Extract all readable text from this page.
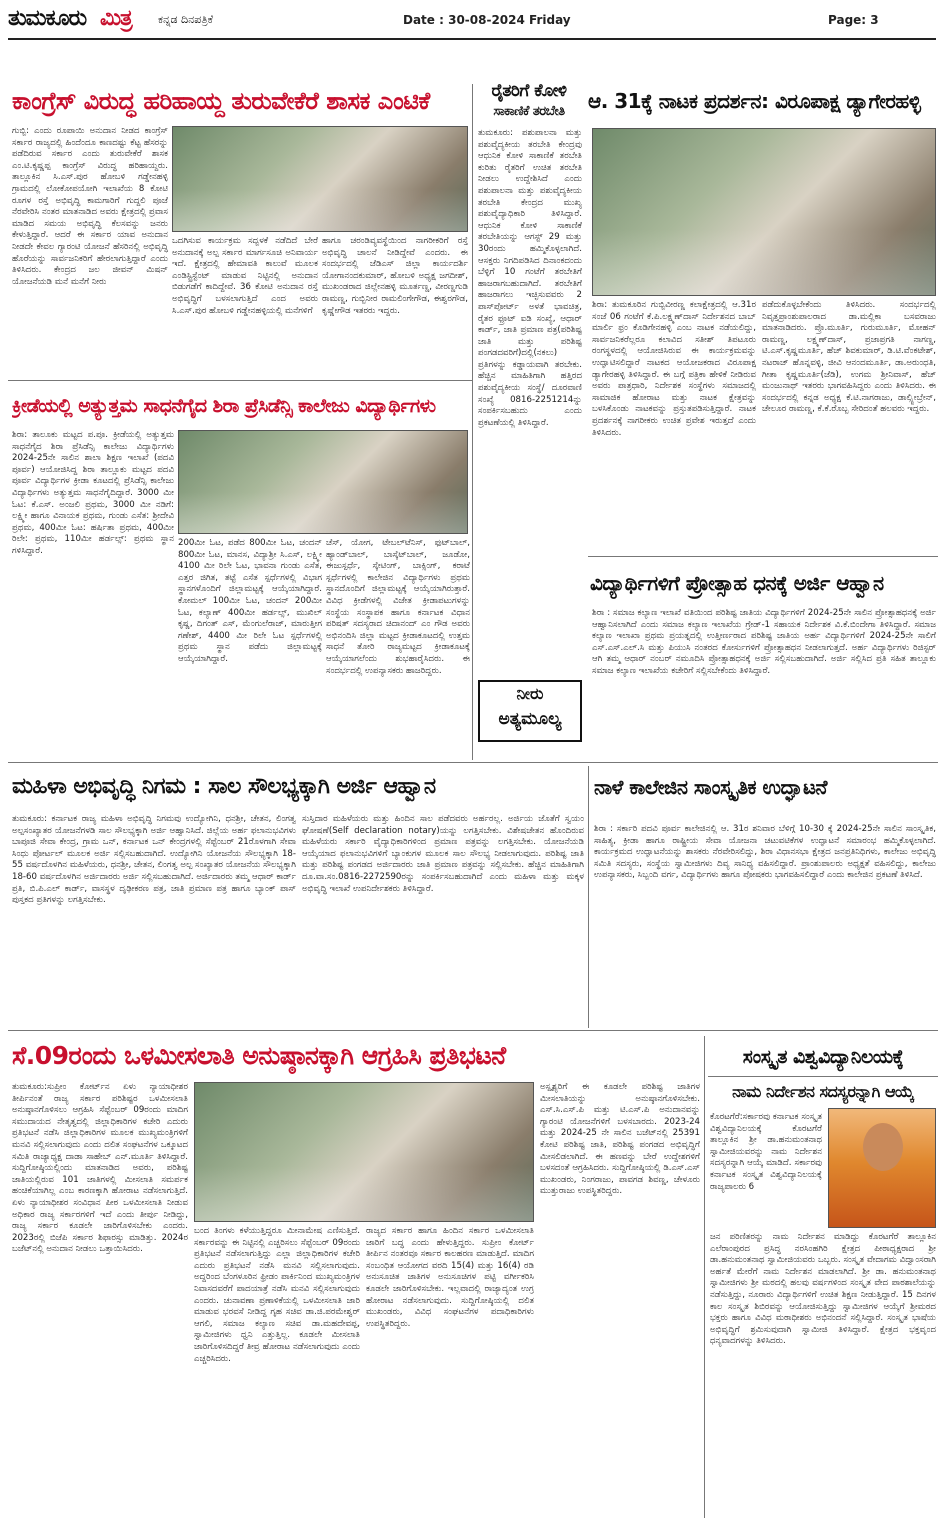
ತುಮಕೂರು ಮಿತ್ರ ಕನ್ನಡ ದಿನಪತ್ರಿಕೆ	Date : 30-08-2024 Friday	Page: 3
ಕಾಂಗ್ರೆಸ್ ವಿರುದ್ಧ ಹರಿಹಾಯ್ದ ತುರುವೇಕೆರೆ ಶಾಸಕ ಎಂಟಿಕೆ
ಗುಬ್ಬಿ: ಎಂದು ರೂಪಾಯಿ ಅನುದಾನ ನೀಡದ ಕಾಂಗ್ರೆಸ್ ಸರ್ಕಾರ ರಾಜ್ಯದಲ್ಲಿ ಹಿಂದೆಂದೂ ಕಾಣದಷ್ಟು ಕೆಟ್ಟ ಹೆಸರನ್ನು ಪಡೆದಿರುವ ಸರ್ಕಾರ ಎಂದು ತುರುವೇಕೆರೆ ಶಾಸಕ ಎಂ.ಟಿ.ಕೃಷ್ಣಪ್ಪ ಕಾಂಗ್ರೆಸ್ ವಿರುದ್ಧ ಹರಿಹಾಯ್ದರು. ತಾಲ್ಲೂಕಿನ ಸಿ.ಎಸ್.ಪುರ ಹೋಬಳಿ ಗಡ್ಡೇನಹಳ್ಳಿ ಗ್ರಾಮದಲ್ಲಿ ಲೋಕೋಪಯೋಗಿ ಇಲಾಖೆಯ 8 ಕೋಟಿ ರೂಗಳ ರಸ್ತೆ ಅಭಿವೃದ್ಧಿ ಕಾಮಗಾರಿಗೆ ಗುದ್ದಲಿ ಪೂಜೆ ನೆರವೇರಿಸಿ ನಂತರ ಮಾತನಾಡಿದ ಅವರು ಕ್ಷೇತ್ರದಲ್ಲಿ ಪ್ರವಾಸ ಮಾಡಿದ ಸಮಯ ಅಭಿವೃದ್ಧಿ ಕೆಲಸವನ್ನು ಜನರು ಕೇಳುತ್ತಿದ್ದಾರೆ. ಆದರೆ ಈ ಸರ್ಕಾರ ಯಾವ ಅನುದಾನ ನೀಡದೇ ಕೇವಲ ಗ್ಯಾರಂಟಿ ಯೋಜನೆ ಹೆಸರಿನಲ್ಲಿ ಅಭಿವೃದ್ಧಿ ಹೊರೆಯನ್ನು ಸಾರ್ವಜನಿಕರಿಗೆ ಹೇರಲಾಗುತ್ತಿದ್ದಾರೆ ಎಂದು ತಿಳಿಸಿದರು. ಕೇಂದ್ರದ ಜಲ ಜೀವನ್ ಮಿಷನ್ ಯೋಜನೆಯಡಿ ಮನೆ ಮನೆಗೆ ನೀರು
ಒದಗಿಸುವ ಕಾರ್ಯಕ್ರಮ ಸದ್ಬಳಕೆ ನಡೆದಿದೆ ಬೇರೆ ಅನುದಾನಕ್ಕೆ ಅಲ್ಪ ಸರ್ಕಾರ ಮಾರ್ಗಸೂಚಿ ಅನಿವಾರ್ಯ ಇದೆ. ಕ್ಷೇತ್ರದಲ್ಲಿ ಹೇಮಾವತಿ ಕಾಲುವೆ ಮೂಲಕ ಎಂಡಿಸ್ಟ್ರಿಸ್ಟೆಂಟ್ ಮಾಡುವ ನಿಟ್ಟಿನಲ್ಲಿ ಅನುದಾನ ಬಿಡುಗಡೆಗೆ ಕಾದಿದ್ದೇವೆ. 36 ಕೋಟಿ ಅನುದಾನ ರಸ್ತೆ ಅಭಿವೃದ್ಧಿಗೆ ಬಳಸಲಾಗುತ್ತಿದೆ ಎಂದ ಅವರು ಸಿ.ಎಸ್.ಪುರ ಹೋಬಳಿ ಗಡ್ಡೇನಹಳ್ಳಿಯಲ್ಲಿ ಮನೆಗಳಿಗೆ
ಹಾಗೂ ಚರಂಡಿವ್ಯವಸ್ಥೆಯಿಂದ ನಾಗರೀಕರಿಗೆ ರಸ್ತೆ ಅಭಿವೃದ್ಧಿ ಚಾಲನೆ ನೀಡಿದ್ದೇವೆ ಎಂದರು. ಈ ಸಂದರ್ಭದಲ್ಲಿ ಜೆಡಿಎಸ್ ಜಿಲ್ಲಾ ಕಾರ್ಯದರ್ಶಿ ಯೋಗಾನಂದಕುಮಾರ್, ಹೋಬಳಿ ಅಧ್ಯಕ್ಷ ಜಗದೀಶ್, ಮುಖಂಡರಾದ ಜಿಲ್ಲೇನಹಳ್ಳಿ ಮೂರ್ತಣ್ಣ, ವೀರಣ್ಣಗುಡಿ ರಾಮಣ್ಣ, ಗುಬ್ಬಿನೀರ ರಾಮಲಿಂಗೇಗೌಡ, ಈಶ್ವರಗೌಡ, ಕೃಷ್ಣೇಗೌಡ ಇತರರು ಇದ್ದರು.
ರೈತರಿಗೆ ಕೋಳಿ
ಸಾಕಾಣಿಕೆ ತರಬೇತಿ
ತುಮಕೂರು: ಪಶುಪಾಲನಾ ಮತ್ತು ಪಶುವೈದ್ಯಕೀಯ ತರಬೇತಿ ಕೇಂದ್ರವು ಆಧುನಿಕ ಕೋಳಿ ಸಾಕಾಣಿಕೆ ತರಬೇತಿ ಕುರಿತು ರೈತರಿಗೆ ಉಚಿತ ತರಬೇತಿ ನೀಡಲು ಉದ್ದೇಶಿಸಿದೆ ಎಂದು ಪಶುಪಾಲನಾ ಮತ್ತು ಪಶುವೈದ್ಯಕೀಯ ತರಬೇತಿ ಕೇಂದ್ರದ ಮುಖ್ಯ ಪಶುವೈದ್ಯಾಧಿಕಾರಿ ತಿಳಿಸಿದ್ದಾರೆ. ಆಧುನಿಕ ಕೋಳಿ ಸಾಕಾಣಿಕೆ ತರಬೇತಿಯನ್ನು ಆಗಸ್ಟ್ 29 ಮತ್ತು 30ರಂದು ಹಮ್ಮಿಕೊಳ್ಳಲಾಗಿದೆ. ಆಸಕ್ತರು ನಿಗದಿಪಡಿಸಿದ ದಿನಾಂಕದಂದು ಬೆಳ್ಳಿಗೆ 10 ಗಂಟೆಗೆ ತರಬೇತಿಗೆ ಹಾಜರಾಗಬಹುದಾಗಿದೆ. ತರಬೇತಿಗೆ ಹಾಜರಾಗಲು ಇಚ್ಛಿಸುವವರು 2 ಪಾಸ್‌ಪೋರ್ಟ್ ಅಳತೆ ಭಾವಚಿತ್ರ, ರೈತರ ಫ್ರೂಟ್ ಐಡಿ ಸಂಖ್ಯೆ, ಆಧಾರ್ ಕಾರ್ಡ್, ಜಾತಿ ಪ್ರಮಾಣ ಪತ್ರ(ಪರಿಶಿಷ್ಟ ಜಾತಿ ಮತ್ತು ಪರಿಶಿಷ್ಟ ಪಂಗಡದವರಿಗೆ)ದಲ್ಲಿ(ನಕಲು) ಪ್ರತಿಗಳನ್ನು ಕಡ್ಡಾಯವಾಗಿ ತರಬೇಕು. ಹೆಚ್ಚಿನ ಮಾಹಿತಿಗಾಗಿ ಹತ್ತಿರದ ಪಶುವೈದ್ಯಕೀಯ ಸಂಸ್ಥೆ/ ದೂರವಾಣಿ ಸಂಖ್ಯೆ 0816-2251214ನ್ನು ಸಂಪರ್ಕಿಸಬಹುದು ಎಂದು ಪ್ರಕಟಣೆಯಲ್ಲಿ ತಿಳಿಸಿದ್ದಾರೆ.
ನೀರು
ಅತ್ಯಮೂಲ್ಯ
ಆ. 31ಕ್ಕೆ ನಾಟಕ ಪ್ರದರ್ಶನ: ವಿರೂಪಾಕ್ಷ ಡ್ಯಾಗೇರಹಳ್ಳಿ
ಶಿರಾ: ತುಮಕೂರಿನ ಗುಬ್ಬಿವೀರಣ್ಣ ಕಲಾಕ್ಷೇತ್ರದಲ್ಲಿ ಆ.31ರ ಸಂಜೆ 06 ಗಂಟೆಗೆ ಕೆ.ಪಿ.ಲಕ್ಷ್ಮಣ್‌ದಾಸ್ ನಿರ್ದೇಶನದ ಬಾಬ್ ಮಾರ್ಲಿ ಫ್ರಂ ಕೊಡಿಗೇನಹಳ್ಳಿ ಎಂಬ ನಾಟಕ ನಡೆಯಲಿದ್ದು, ಸಾರ್ವಜನಿಕರೆಲ್ಲರೂ ಕಲಾವಿದ ಸತೀಶ್ ತಿಪಟೂರು ರಂಗಸ್ಥಳದಲ್ಲಿ ಆಯೋಜಿಸಿರುವ ಈ ಕಾರ್ಯಕ್ರಮವನ್ನು ಉದ್ಘಾಟಿಸಲಿದ್ದಾರೆ ನಾಟಕದ ಆಯೋಜಕರಾದ ವಿರೂಪಾಕ್ಷ ಡ್ಯಾಗೇರಹಳ್ಳಿ ತಿಳಿಸಿದ್ದಾರೆ. ಈ ಬಗ್ಗೆ ಪತ್ರಿಕಾ ಹೇಳಿಕೆ ನೀಡಿರುವ ಅವರು ಪಾತ್ರಧಾರಿ, ನಿರ್ದೇಶಕ ಸಂಸ್ಥೆಗಳು ಸಮಾಜದಲ್ಲಿ ಸಾಮಾಜಿಕ ಹೋರಾಟ ಮತ್ತು ನಾಟಕ ಕ್ಷೇತ್ರವನ್ನು ಬಳಸಿಕೊಂಡು ನಾಟಕವನ್ನು ಪ್ರಸ್ತುತಪಡಿಸುತ್ತಿದ್ದಾರೆ. ನಾಟಕ ಪ್ರದರ್ಶನಕ್ಕೆ ನಾಗರೀಕರು ಉಚಿತ ಪ್ರವೇಶ ಇರುತ್ತದೆ ಎಂದು ತಿಳಿಸಿದರು.
ಪಡೆದುಕೊಳ್ಳಬೇಕೆಂದು ತಿಳಿಸಿದರು. ಸಂದರ್ಭದಲ್ಲಿ ನಿವೃತ್ತಪ್ರಾಂಶುಪಾಲರಾದ ಡಾ.ಮಲ್ಲಿಕಾ ಬಸವರಾಜು ಮಾತನಾಡಿದರು. ಪ್ರೊ.ಮೂರ್ತಿ, ಗುರುಮೂರ್ತಿ, ಮೋಹನ್ ರಾಮಣ್ಣ, ಲಕ್ಷ್ಮಣ್‌ದಾಸ್, ಪ್ರಜಾಪ್ರಗತಿ ನಾಗಣ್ಣ, ಟಿ.ಎಸ್.ಕೃಷ್ಣಮೂರ್ತಿ, ಹೆಚ್ ಶಿವಕುಮಾರ್, ಡಿ.ಟಿ.ವೆಂಕಟೇಶ್, ನಟರಾಜ್ ಹೊನ್ನವಳ್ಳಿ, ಜೀವಿ ಆನಂದಮೂರ್ತಿ, ಡಾ.ಅರುಂಧತಿ, ಗೀತಾ ಕೃಷ್ಣಮೂರ್ತಿ(ಜೆಡಿ), ಉಗಮ ಶ್ರೀನಿವಾಸ್, ಹೆಚ್ ಮಂಜುನಾಥ್ ಇತರರು ಭಾಗವಹಿಸಿದ್ದರು ಎಂದು ತಿಳಿಸಿದರು. ಈ ಸಂದರ್ಭದಲ್ಲಿ ಕನ್ನಡ ಅಧ್ಯಕ್ಷ ಕೆ.ಟಿ.ನಾಗರಾಜು, ಡಾಲ್ಸ್ಟೀಬ್ರೇನ್‌, ಚೇಲೂರ ರಾಮಣ್ಣ, ಕೆ.ಕೆ.ರೊಬ್ಬ ಸೇರಿದಂತೆ ಹಲವರು ಇದ್ದರು.
ಕ್ರೀಡೆಯಲ್ಲಿ ಅತ್ಯುತ್ತಮ ಸಾಧನೆಗೈದ ಶಿರಾ ಪ್ರೆಸಿಡೆನ್ಸಿ ಕಾಲೇಜು ವಿದ್ಯಾರ್ಥಿಗಳು
ಶಿರಾ: ತಾಲೂಕು ಮಟ್ಟದ ಪ.ಪೂ. ಕ್ರೀಡೆಯಲ್ಲಿ ಅತ್ಯುತ್ತಮ ಸಾಧನೆಗೈದ ಶಿರಾ ಪ್ರೆಸಿಡೆನ್ಸಿ ಕಾಲೇಜು ವಿದ್ಯಾರ್ಥಿಗಳು 2024-25ನೇ ಸಾಲಿನ ಶಾಲಾ ಶಿಕ್ಷಣ ಇಲಾಖೆ (ಪದವಿ ಪೂರ್ವ) ಆಯೋಜಿಸಿದ್ದ ಶಿರಾ ತಾಲ್ಲೂಕು ಮಟ್ಟದ ಪದವಿ ಪೂರ್ವ ವಿದ್ಯಾರ್ಥಿಗಳ ಕ್ರೀಡಾ ಕೂಟದಲ್ಲಿ ಪ್ರೆಸಿಡೆನ್ಸಿ ಕಾಲೇಜು ವಿದ್ಯಾರ್ಥಿಗಳು ಅತ್ಯುತ್ತಮ ಸಾಧನೆಗೈದಿದ್ದಾರೆ. 3000 ಮೀ ಓಟ: ಕೆ.ಎಸ್. ಅಂಜಲಿ ಪ್ರಥಮ, 3000 ಮೀ ನಡಿಗೆ: ಲಕ್ಷ್ಮೀ ಹಾಗೂ ವಿನಾಯಕ ಪ್ರಥಮ, ಗುಂಡು ಎಸೆತ: ಶ್ರೀದೇವಿ ಪ್ರಥಮ, 400ಮೀ ಓಟ: ಹರ್ಷಿತಾ ಪ್ರಥಮ, 400ಮೀ ರಿಲೇ: ಪ್ರಥಮ, 110ಮೀ ಹರ್ಡಲ್ಸ್: ಪ್ರಥಮ ಸ್ಥಾನ ಗಳಿಸಿದ್ದಾರೆ.
200ಮೀ ಓಟ, ಪಡೆದ 800ಮೀ ಓಟ, ಚಂದನ್ 800ಮೀ ಓಟ, ಮಾನಸ, ವಿದ್ಯಾಶ್ರೀ ಸಿ.ಎಸ್, ಲಕ್ಷ್ಮೀ 4100 ಮೀ ರಿಲೇ ಓಟ, ಭಾವನಾ ಗುಂಡು ಎಸೆತ, ಎತ್ತರ ಜಿಗಿತ, ತಟ್ಟೆ ಎಸೆತ ಸ್ಪರ್ಧೆಗಳಲ್ಲಿ ವಿಭಾಗ ಸ್ಥಾನಗಳೊಂದಿಗೆ ಜಿಲ್ಲಾಮಟ್ಟಕ್ಕೆ ಆಯ್ಕೆಯಾಗಿದ್ದಾರೆ. ಕೋಮಲ್ 100ಮೀ ಓಟ, ಚಂದನ್ 200ಮೀ ಓಟ, ಕಲ್ಯಾಣ್ 400ಮೀ ಹರ್ಡಲ್ಸ್, ಮುಖಿಲ್ ಕೃಷ್ಣ, ದಿಗಂತ್ ಎಸ್, ಮೆಂಗುಲೆರಾಜ್, ಮಾರುತ್ತೀಗ ಗಣೇಶ್, 4400 ಮೀ ರಿಲೇ ಓಟ ಸ್ಪರ್ಧೆಗಳಲ್ಲಿ ಪ್ರಥಮ ಸ್ಥಾನ ಪಡೆದು ಜಿಲ್ಲಾಮಟ್ಟಕ್ಕೆ ಆಯ್ಕೆಯಾಗಿದ್ದಾರೆ.
ಚೆಸ್, ಯೋಗ, ಟೇಬಲ್‌ಟೆನಿಸ್, ಫುಟ್‌ಬಾಲ್, ಹ್ಯಾಂಡ್‌ಬಾಲ್, ಬಾಸ್ಕೆಟ್‌ಬಾಲ್, ಜೂಡೋ, ಈಜುಸ್ಪರ್ಧೆ, ಸ್ಕೇಟಿಂಗ್, ಬಾಕ್ಸಿಂಗ್, ಕರಾಟೆ ಸ್ಪರ್ಧೆಗಳಲ್ಲಿ ಕಾಲೇಜಿನ ವಿದ್ಯಾರ್ಥಿಗಳು ಪ್ರಥಮ ಸ್ಥಾನದೊಂದಿಗೆ ಜಿಲ್ಲಾಮಟ್ಟಕ್ಕೆ ಆಯ್ಕೆಯಾಗಿರುತ್ತಾರೆ. ವಿವಿಧ ಕ್ರೀಡೆಗಳಲ್ಲಿ ವಿಜೇತ ಕ್ರೀಡಾಪಟುಗಳನ್ನು ಸಂಸ್ಥೆಯ ಸಂಸ್ಥಾಪಕ ಹಾಗೂ ಕರ್ನಾಟಕ ವಿಧಾನ ಪರಿಷತ್ ಸದಸ್ಯರಾದ ಚಿದಾನಂದ್ ಎಂ ಗೌಡ ಅವರು ಅಭಿನಂದಿಸಿ ಜಿಲ್ಲಾ ಮಟ್ಟದ ಕ್ರೀಡಾಕೂಟದಲ್ಲಿ ಉತ್ತಮ ಸಾಧನೆ ತೋರಿ ರಾಜ್ಯಮಟ್ಟದ ಕ್ರೀಡಾಕೂಟಕ್ಕೆ ಆಯ್ಕೆಯಾಗಲೆಂದು ಶುಭಹಾರೈಸಿದರು. ಈ ಸಂದರ್ಭದಲ್ಲಿ ಉಪನ್ಯಾಸಕರು ಹಾಜರಿದ್ದರು.
ವಿದ್ಯಾರ್ಥಿಗಳಿಗೆ ಪ್ರೋತ್ಸಾಹ ಧನಕ್ಕೆ ಅರ್ಜಿ ಆಹ್ವಾನ
ಶಿರಾ : ಸಮಾಜ ಕಲ್ಯಾಣ ಇಲಾಖೆ ವತಿಯಿಂದ ಪರಿಶಿಷ್ಟ ಜಾತಿಯ ವಿದ್ಯಾರ್ಥಿಗಳಿಗೆ 2024-25ನೇ ಸಾಲಿನ ಪ್ರೋತ್ಸಾಹಧನಕ್ಕೆ ಅರ್ಜಿ ಆಹ್ವಾನಿಸಲಾಗಿದೆ ಎಂದು ಸಮಾಜ ಕಲ್ಯಾಣ ಇಲಾಖೆಯ ಗ್ರೇಡ್-1 ಸಹಾಯಕ ನಿರ್ದೇಶಕ ವಿ.ಕೆ.ಬಿಂದೇಗಾ ತಿಳಿಸಿದ್ದಾರೆ. ಸಮಾಜ ಕಲ್ಯಾಣ ಇಲಾಖಾ ಪ್ರಥಮ ಪ್ರಯತ್ನದಲ್ಲಿ ಉತ್ತೀರ್ಣರಾದ ಪರಿಶಿಷ್ಟ ಜಾತಿಯ ಅರ್ಹ ವಿದ್ಯಾರ್ಥಿಗಳಿಗೆ 2024-25ನೇ ಸಾಲಿಗೆ ಎಸ್.ಎಸ್.ಎಲ್.ಸಿ ಮತ್ತು ಪಿಯುಸಿ ನಂತರದ ಕೋರ್ಸುಗಳಿಗೆ ಪ್ರೋತ್ಸಾಹಧನ ನೀಡಲಾಗುತ್ತದೆ. ಅರ್ಹ ವಿದ್ಯಾರ್ಥಿಗಳು ರಿಜಿಸ್ಟರ್ ಆಗಿ ತಮ್ಮ ಆಧಾರ್ ನಂಬರ್ ನಮೂದಿಸಿ ಪ್ರೋತ್ಸಾಹಧನಕ್ಕೆ ಅರ್ಜಿ ಸಲ್ಲಿಸಬಹುದಾಗಿದೆ. ಅರ್ಜಿ ಸಲ್ಲಿಸಿದ ಪ್ರತಿ ಸಹಿತ ತಾಲ್ಲೂಕು ಸಮಾಜ ಕಲ್ಯಾಣ ಇಲಾಖೆಯ ಕಚೇರಿಗೆ ಸಲ್ಲಿಸಬೇಕೆಂದು ತಿಳಿಸಿದ್ದಾರೆ.
ಮಹಿಳಾ ಅಭಿವೃದ್ಧಿ ನಿಗಮ : ಸಾಲ ಸೌಲಭ್ಯಕ್ಕಾಗಿ ಅರ್ಜಿ ಆಹ್ವಾನ
ತುಮಕೂರು: ಕರ್ನಾಟಕ ರಾಜ್ಯ ಮಹಿಳಾ ಅಭಿವೃದ್ಧಿ ನಿಗಮವು ಉದ್ಯೋಗಿನಿ, ಧನಶ್ರೀ, ಚೇತನ, ಲಿಂಗತ್ವ ಅಲ್ಪಸಂಖ್ಯಾತರ ಯೋಜನೆಗಳಡಿ ಸಾಲ ಸೌಲಭ್ಯಕ್ಕಾಗಿ ಅರ್ಜಿ ಆಹ್ವಾನಿಸಿದೆ. ಜಿಲ್ಲೆಯ ಅರ್ಹ ಫಲಾನುಭವಿಗಳು ಬಾಪೂಜಿ ಸೇವಾ ಕೇಂದ್ರ, ಗ್ರಾಮ ಒನ್, ಕರ್ನಾಟಕ ಒನ್ ಕೇಂದ್ರಗಳಲ್ಲಿ ಸೆಪ್ಟೆಂಬರ್ 21ರೊಳಗಾಗಿ ಸೇವಾ ಸಿಂಧು ಪೋರ್ಟಲ್ ಮೂಲಕ ಅರ್ಜಿ ಸಲ್ಲಿಸಬಹುದಾಗಿದೆ. ಉದ್ಯೋಗಿನಿ ಯೋಜನೆಯ ಸೌಲಭ್ಯಕ್ಕಾಗಿ 18-55 ವರ್ಷದೊಳಗಿನ ಮಹಿಳೆಯರು, ಧನಶ್ರೀ, ಚೇತನ, ಲಿಂಗತ್ವ ಅಲ್ಪ ಸಂಖ್ಯಾತರ ಯೋಜನೆಯ ಸೌಲಭ್ಯಕ್ಕಾಗಿ 18-60 ವರ್ಷದೊಳಗಿನ ಅರ್ಜಿದಾರರು ಅರ್ಜಿ ಸಲ್ಲಿಸಬಹುದಾಗಿದೆ. ಅರ್ಜಿದಾರರು ತಮ್ಮ ಆಧಾರ್ ಕಾರ್ಡ್ ಪ್ರತಿ, ಬಿ.ಪಿ.ಎಲ್ ಕಾರ್ಡ್, ವಾಸಸ್ಥಳ ದೃಢೀಕರಣ ಪತ್ರ, ಜಾತಿ ಪ್ರಮಾಣ ಪತ್ರ ಹಾಗೂ ಬ್ಯಾಂಕ್ ಪಾಸ್ ಪುಸ್ತಕದ ಪ್ರತಿಗಳನ್ನು ಲಗತ್ತಿಸಬೇಕು.
ಸುಸ್ತಿದಾರ ಮಹಿಳೆಯರು ಮತ್ತು ಹಿಂದಿನ ಸಾಲ ಪಡೆದವರು ಅರ್ಹರಲ್ಲ. ಅರ್ಜಿಯ ಜೊತೆಗೆ ಸ್ವಯಂ ಘೋಷಣೆ(Self declaration notary)ಯನ್ನು ಲಗತ್ತಿಸಬೇಕು. ವಿಶೇಷಚೇತನ ಹೊಂದಿರುವ ಮಹಿಳೆಯರು ಸರ್ಕಾರಿ ವೈದ್ಯಾಧಿಕಾರಿಗಳಿಂದ ಪ್ರಮಾಣ ಪತ್ರವನ್ನು ಲಗತ್ತಿಸಬೇಕು. ಯೋಜನೆಯಡಿ ಆಯ್ಕೆಯಾದ ಫಲಾನುಭವಿಗಳಿಗೆ ಬ್ಯಾಂಕುಗಳ ಮೂಲಕ ಸಾಲ ಸೌಲಭ್ಯ ನೀಡಲಾಗುವುದು. ಪರಿಶಿಷ್ಟ ಜಾತಿ ಮತ್ತು ಪರಿಶಿಷ್ಟ ಪಂಗಡದ ಅರ್ಜಿದಾರರು ಜಾತಿ ಪ್ರಮಾಣ ಪತ್ರವನ್ನು ಸಲ್ಲಿಸಬೇಕು. ಹೆಚ್ಚಿನ ಮಾಹಿತಿಗಾಗಿ ದೂ.ವಾ.ಸಂ.0816-2272590ರನ್ನು ಸಂಪರ್ಕಿಸಬಹುದಾಗಿದೆ ಎಂದು ಮಹಿಳಾ ಮತ್ತು ಮಕ್ಕಳ ಅಭಿವೃದ್ಧಿ ಇಲಾಖೆ ಉಪನಿರ್ದೇಶಕರು ತಿಳಿಸಿದ್ದಾರೆ.
ನಾಳೆ ಕಾಲೇಜಿನ ಸಾಂಸ್ಕೃತಿಕ ಉದ್ಘಾಟನೆ
ಶಿರಾ : ಸರ್ಕಾರಿ ಪದವಿ ಪೂರ್ವ ಕಾಲೇಜಿನಲ್ಲಿ ಆ. 31ರ ಶನಿವಾರ ಬೆಳಿಗ್ಗೆ 10-30 ಕ್ಕೆ 2024-25ನೇ ಸಾಲಿನ ಸಾಂಸ್ಕೃತಿಕ, ಸಾಹಿತ್ಯ, ಕ್ರೀಡಾ ಹಾಗೂ ರಾಷ್ಟ್ರೀಯ ಸೇವಾ ಯೋಜನಾ ಚಟುವಟಿಕೆಗಳ ಉದ್ಘಾಟನೆ ಸಮಾರಂಭ ಹಮ್ಮಿಕೊಳ್ಳಲಾಗಿದೆ. ಕಾರ್ಯಕ್ರಮದ ಉದ್ಘಾಟನೆಯನ್ನು ಶಾಸಕರು ನೆರವೇರಿಸಲಿದ್ದು, ಶಿರಾ ವಿಧಾನಸಭಾ ಕ್ಷೇತ್ರದ ಜನಪ್ರತಿನಿಧಿಗಳು, ಕಾಲೇಜು ಅಭಿವೃದ್ಧಿ ಸಮಿತಿ ಸದಸ್ಯರು, ಸಂಸ್ಥೆಯ ಸ್ವಾಮೀಜಿಗಳು ದಿವ್ಯ ಸಾನಿಧ್ಯ ವಹಿಸಲಿದ್ದಾರೆ. ಪ್ರಾಂಶುಪಾಲರು ಅಧ್ಯಕ್ಷತೆ ವಹಿಸಲಿದ್ದು, ಕಾಲೇಜು ಉಪನ್ಯಾಸಕರು, ಸಿಬ್ಬಂದಿ ವರ್ಗ, ವಿದ್ಯಾರ್ಥಿಗಳು ಹಾಗೂ ಪೋಷಕರು ಭಾಗವಹಿಸಲಿದ್ದಾರೆ ಎಂದು ಕಾಲೇಜಿನ ಪ್ರಕಟಣೆ ತಿಳಿಸಿದೆ.
ಸೆ.09ರಂದು ಒಳಮೀಸಲಾತಿ ಅನುಷ್ಠಾನಕ್ಕಾಗಿ ಆಗ್ರಹಿಸಿ ಪ್ರತಿಭಟನೆ
ತುಮಕೂರು:ಸುಪ್ರೀಂ ಕೋರ್ಟ್‌ನ ಏಳು ನ್ಯಾಯಾಧೀಶರ ತೀರ್ಪಿನಂತೆ ರಾಜ್ಯ ಸರ್ಕಾರ ಪರಿಶಿಷ್ಟರ ಒಳಮೀಸಲಾತಿ ಅನುಷ್ಠಾನಗೊಳಿಸಲು ಆಗ್ರಹಿಸಿ ಸೆಪ್ಟೆಂಬರ್ 09ರಂದು ಮಾದಿಗ ಸಮುದಾಯದ ನೇತೃತ್ವದಲ್ಲಿ ಜಿಲ್ಲಾಧಿಕಾರಿಗಳ ಕಚೇರಿ ಎದುರು ಪ್ರತಿಭಟನೆ ನಡೆಸಿ ಜಿಲ್ಲಾಧಿಕಾರಿಗಳ ಮೂಲಕ ಮುಖ್ಯಮಂತ್ರಿಗಳಿಗೆ ಮನವಿ ಸಲ್ಲಿಸಲಾಗುವುದು ಎಂದು ದಲಿತ ಸಂಘಟನೆಗಳ ಒಕ್ಕೂಟದ ಸಮಿತಿ ರಾಜ್ಯಾಧ್ಯಕ್ಷ ದಾಡಾ ಸಾಹೇಬ್ ಎನ್.ಮೂರ್ತಿ ತಿಳಿಸಿದ್ದಾರೆ. ಸುದ್ದಿಗೋಷ್ಠಿಯಲ್ಲಿಂದು ಮಾತನಾಡಿದ ಅವರು, ಪರಿಶಿಷ್ಟ ಜಾತಿಯಲ್ಲಿರುವ 101 ಜಾತಿಗಳಲ್ಲಿ ಮೀಸಲಾತಿ ಸಮರ್ಪಕ ಹಂಚಿಕೆಯಾಗಿಲ್ಲ ಎಂಬ ಕಾರಣಕ್ಕಾಗಿ ಹೋರಾಟ ನಡೆಸಲಾಗುತ್ತಿದೆ. ಏಳು ನ್ಯಾಯಾಧೀಶರ ಸಂವಿಧಾನ ಪೀಠ ಒಳಮೀಸಲಾತಿ ನೀಡುವ ಅಧಿಕಾರ ರಾಜ್ಯ ಸರ್ಕಾರಗಳಿಗೆ ಇದೆ ಎಂದು ತೀರ್ಪು ನೀಡಿದ್ದು, ರಾಜ್ಯ ಸರ್ಕಾರ ಕೂಡಲೇ ಜಾರಿಗೊಳಿಸಬೇಕು ಎಂದರು. 2023ರಲ್ಲಿ ಬಿಜೆಪಿ ಸರ್ಕಾರ ಶಿಫಾರಸ್ಸು ಮಾಡಿತ್ತು. 2024ರ ಬಜೆಟ್‌ನಲ್ಲಿ ಅನುದಾನ ನೀಡಲು ಒತ್ತಾಯಿಸಿದರು.
ಬಂದ ತಿಂಗಳು ಕಳೆಯುತ್ತಿದ್ದರೂ ಮೀನಾಮೇಷ ಎಣಿಸುತ್ತಿದೆ. ಸರ್ಕಾರವನ್ನು ಈ ನಿಟ್ಟಿನಲ್ಲಿ ಎಚ್ಚರಿಸಲು ಸೆಪ್ಟೆಂಬರ್ 09ರಂದು ಪ್ರತಿಭಟನೆ ನಡೆಸಲಾಗುತ್ತಿದ್ದು ಎಲ್ಲಾ ಜಿಲ್ಲಾಧಿಕಾರಿಗಳ ಕಚೇರಿ ಎದುರು ಪ್ರತಿಭಟನೆ ನಡೆಸಿ ಮನವಿ ಸಲ್ಲಿಸಲಾಗುವುದು. ಅದ್ದರಿಂದ ಬೆಂಗಳೂರಿನ ಫ್ರೀಡಂ ಪಾರ್ಕಿನಿಂದ ಮುಖ್ಯಮಂತ್ರಿಗಳ ನಿವಾಸದವರೆಗೆ ಪಾದಯಾತ್ರೆ ನಡೆಸಿ ಮನವಿ ಸಲ್ಲಿಸಲಾಗುವುದು ಎಂದರು. ಚುನಾವಣಾ ಪ್ರಣಾಳಿಕೆಯಲ್ಲಿ ಒಳಮೀಸಲಾತಿ ಜಾರಿ ಮಾಡುವ ಭರವಸೆ ನೀಡಿದ್ದ ಗೃಹ ಸಚಿವ ಡಾ.ಜಿ.ಪರಮೇಶ್ವರ್ ಆಗಲಿ, ಸಮಾಜ ಕಲ್ಯಾಣ ಸಚಿವ ಡಾ.ಮಹದೇವಪ್ಪ, ಸ್ವಾಮೀಜಿಗಳು ಧ್ವನಿ ಎತ್ತುತ್ತಿಲ್ಲ. ಕೂಡಲೇ ಮೀಸಲಾತಿ ಜಾರಿಗೊಳಿಸದಿದ್ದರೆ ತೀವ್ರ ಹೋರಾಟ ನಡೆಸಲಾಗುವುದು ಎಂದು ಎಚ್ಚರಿಸಿದರು.
ರಾಜ್ಯದ ಸರ್ಕಾರ ಹಾಗೂ ಹಿಂದಿನ ಸರ್ಕಾರ ಒಳಮೀಸಲಾತಿ ಜಾರಿಗೆ ಬದ್ಧ ಎಂದು ಹೇಳುತ್ತಿದ್ದರು. ಸುಪ್ರೀಂ ಕೋರ್ಟ್ ತೀರ್ಪಿನ ನಂತರವೂ ಸರ್ಕಾರ ಕಾಲಹರಣ ಮಾಡುತ್ತಿದೆ. ಮಾದಿಗ ಸಂಬಂಧಿತ ಆಯೋಗದ ವರದಿ 15(4) ಮತ್ತು 16(4) ರಡಿ ಅನುಸೂಚಿತ ಜಾತಿಗಳ ಅನುಸೂಚಿಗಳ ಪಟ್ಟಿ ವರ್ಗೀಕರಿಸಿ ಕೂಡಲೇ ಜಾರಿಗೊಳಿಸಬೇಕು. ಇಲ್ಲವಾದಲ್ಲಿ ರಾಜ್ಯಾದ್ಯಂತ ಉಗ್ರ ಹೋರಾಟ ನಡೆಸಲಾಗುವುದು. ಸುದ್ದಿಗೋಷ್ಠಿಯಲ್ಲಿ ದಲಿತ ಮುಖಂಡರು, ವಿವಿಧ ಸಂಘಟನೆಗಳ ಪದಾಧಿಕಾರಿಗಳು ಉಪಸ್ಥಿತರಿದ್ದರು.
ಅಸ್ಪೃಶ್ಯರಿಗೆ ಈ ಕೂಡಲೇ ಪರಿಶಿಷ್ಟ ಜಾತಿಗಳ ಮೀಸಲಾತಿಯನ್ನು ಅನುಷ್ಠಾನಗೊಳಿಸಬೇಕು. ಎಸ್.ಸಿ.ಎಸ್.ಪಿ ಮತ್ತು ಟಿ.ಎಸ್.ಪಿ ಅನುದಾನವನ್ನು ಗ್ಯಾರಂಟಿ ಯೋಜನೆಗಳಿಗೆ ಬಳಸಬಾರದು. 2023-24 ಮತ್ತು 2024-25 ನೇ ಸಾಲಿನ ಬಜೆಟ್‌ನಲ್ಲಿ 25391 ಕೋಟಿ ಪರಿಶಿಷ್ಟ ಜಾತಿ, ಪರಿಶಿಷ್ಟ ಪಂಗಡದ ಅಭಿವೃದ್ಧಿಗೆ ಮೀಸಲಿಡಲಾಗಿದೆ. ಈ ಹಣವನ್ನು ಬೇರೆ ಉದ್ದೇಶಗಳಿಗೆ ಬಳಸದಂತೆ ಆಗ್ರಹಿಸಿದರು. ಸುದ್ದಿಗೋಷ್ಠಿಯಲ್ಲಿ ಡಿ.ಎಸ್.ಎಸ್ ಮುಖಂಡರು, ನಿಂಗರಾಜು, ಪಾವಗಡ ಶಿವಣ್ಣ, ಚೇಳೂರು ಮುತ್ತುರಾಜು ಉಪಸ್ಥಿತರಿದ್ದರು.
ಸಂಸ್ಕೃತ ವಿಶ್ವವಿದ್ಯಾನಿಲಯಕ್ಕೆ
ನಾಮ ನಿರ್ದೇಶನ ಸದಸ್ಯರನ್ನಾಗಿ ಆಯ್ಕೆ
ಕೊರಟಗೆರೆ:ಸರ್ಕಾರವು ಕರ್ನಾಟಕ ಸಂಸ್ಕೃತ ವಿಶ್ವವಿದ್ಯಾನಿಲಯಕ್ಕೆ ಕೊರಟಗೆರೆ ತಾಲ್ಲೂಕಿನ ಶ್ರೀ ಡಾ.ಹನುಮಂತನಾಥ ಸ್ವಾಮೀಜಿಯವರನ್ನು ನಾಮ ನಿರ್ದೇಶನ ಸದಸ್ಯರನ್ನಾಗಿ ಆಯ್ಕೆ ಮಾಡಿದೆ. ಸರ್ಕಾರವು ಕರ್ನಾಟಕ ಸಂಸ್ಕೃತ ವಿಶ್ವವಿದ್ಯಾನಿಲಯಕ್ಕೆ ರಾಜ್ಯಪಾಲರು 6
ಜನ ಪರಿಣಿತರನ್ನು ನಾಮ ನಿರ್ದೇಶನ ಮಾಡಿದ್ದು ಕೊರಟಗೆರೆ ತಾಲ್ಲೂಕಿನ ಎಲೆರಾಂಪುರದ ಪ್ರಸಿದ್ಧ ನರಸಿಂಹಗಿರಿ ಕ್ಷೇತ್ರದ ಪೀಠಾಧ್ಯಕ್ಷರಾದ ಶ್ರೀ ಡಾ.ಹನುಮಂತನಾಥ ಸ್ವಾಮೀಜಿಯವರು ಒಬ್ಬರು. ಸಂಸ್ಕೃತ ವೇದಾಗಮ ವಿದ್ವಾಂಸರಾಗಿ ಅರ್ಹತೆ ಮೇರೆಗೆ ನಾಮ ನಿರ್ದೇಶನ ಮಾಡಲಾಗಿದೆ. ಶ್ರೀ ಡಾ. ಹನುಮಂತನಾಥ ಸ್ವಾಮೀಜಿಗಳು ಶ್ರೀ ಮಠದಲ್ಲಿ ಹಲವು ವರ್ಷಗಳಿಂದ ಸಂಸ್ಕೃತ ವೇದ ಪಾಠಶಾಲೆಯನ್ನು ನಡೆಸುತ್ತಿದ್ದು, ನೂರಾರು ವಿದ್ಯಾರ್ಥಿಗಳಿಗೆ ಉಚಿತ ಶಿಕ್ಷಣ ನೀಡುತ್ತಿದ್ದಾರೆ. 15 ದಿನಗಳ ಕಾಲ ಸಂಸ್ಕೃತ ಶಿಬಿರವನ್ನು ಆಯೋಜಿಸುತ್ತಿದ್ದು ಸ್ವಾಮೀಜಿಗಳ ಆಯ್ಕೆಗೆ ಶ್ರೀಮಠದ ಭಕ್ತರು ಹಾಗೂ ವಿವಿಧ ಮಠಾಧೀಶರು ಅಭಿನಂದನೆ ಸಲ್ಲಿಸಿದ್ದಾರೆ. ಸಂಸ್ಕೃತ ಭಾಷೆಯ ಅಭಿವೃದ್ಧಿಗೆ ಶ್ರಮಿಸುವುದಾಗಿ ಸ್ವಾಮೀಜಿ ತಿಳಿಸಿದ್ದಾರೆ. ಕ್ಷೇತ್ರದ ಭಕ್ತವೃಂದ ಧನ್ಯವಾದಗಳನ್ನು ತಿಳಿಸಿದರು.
